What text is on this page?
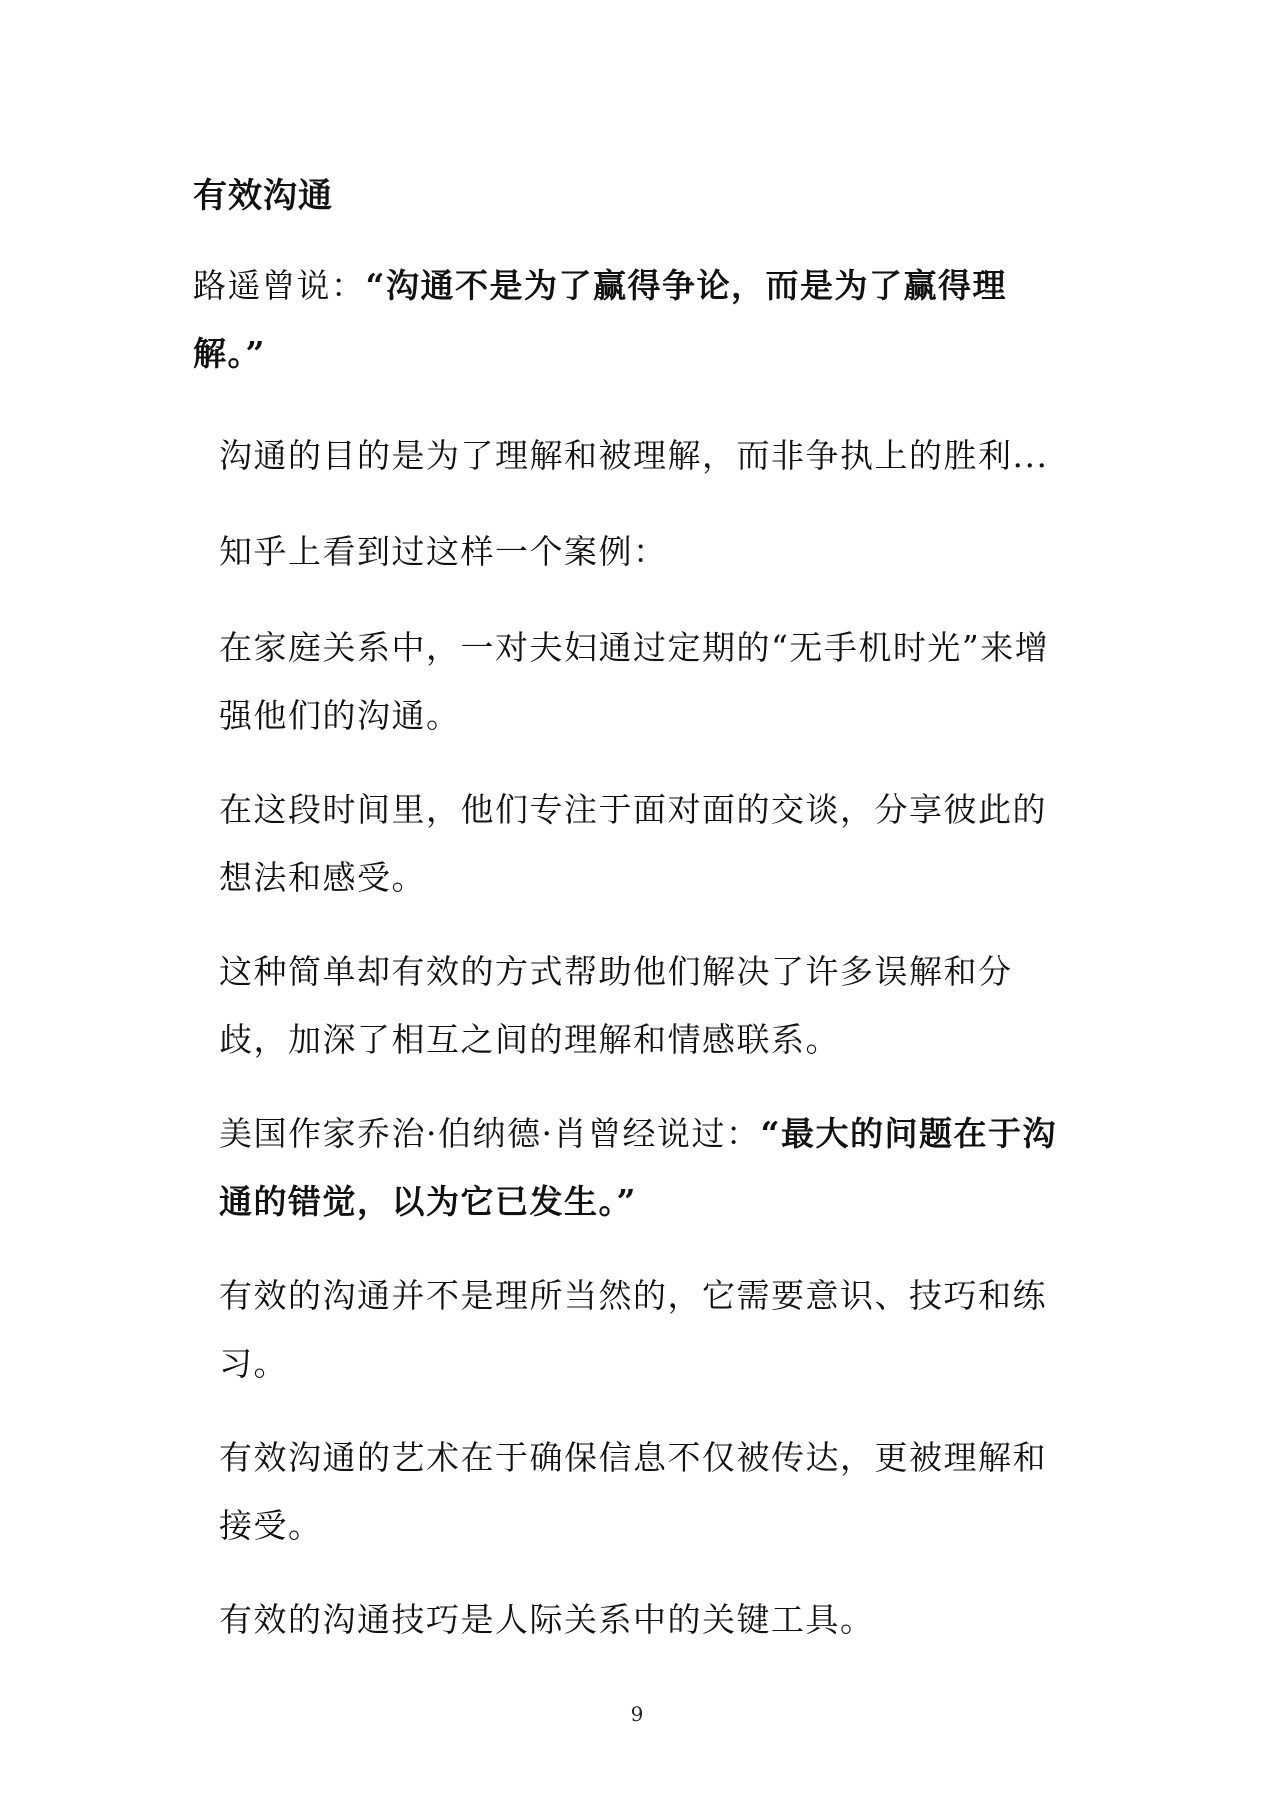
有效沟通
路遥曾说：“沟通不是为了赢得争论，而是为了赢得理解。”
沟通的目的是为了理解和被理解，而非争执上的胜利...
知乎上看到过这样一个案例：
在家庭关系中，一对夫妇通过定期的“无手机时光”来增强他们的沟通。
在这段时间里，他们专注于面对面的交谈，分享彼此的想法和感受。
这种简单却有效的方式帮助他们解决了许多误解和分歧，加深了相互之间的理解和情感联系。
美国作家乔治·伯纳德·肖曾经说过：“最大的问题在于沟通的错觉，以为它已发生。”
有效的沟通并不是理所当然的，它需要意识、技巧和练习。
有效沟通的艺术在于确保信息不仅被传达，更被理解和接受。
有效的沟通技巧是人际关系中的关键工具。
9
